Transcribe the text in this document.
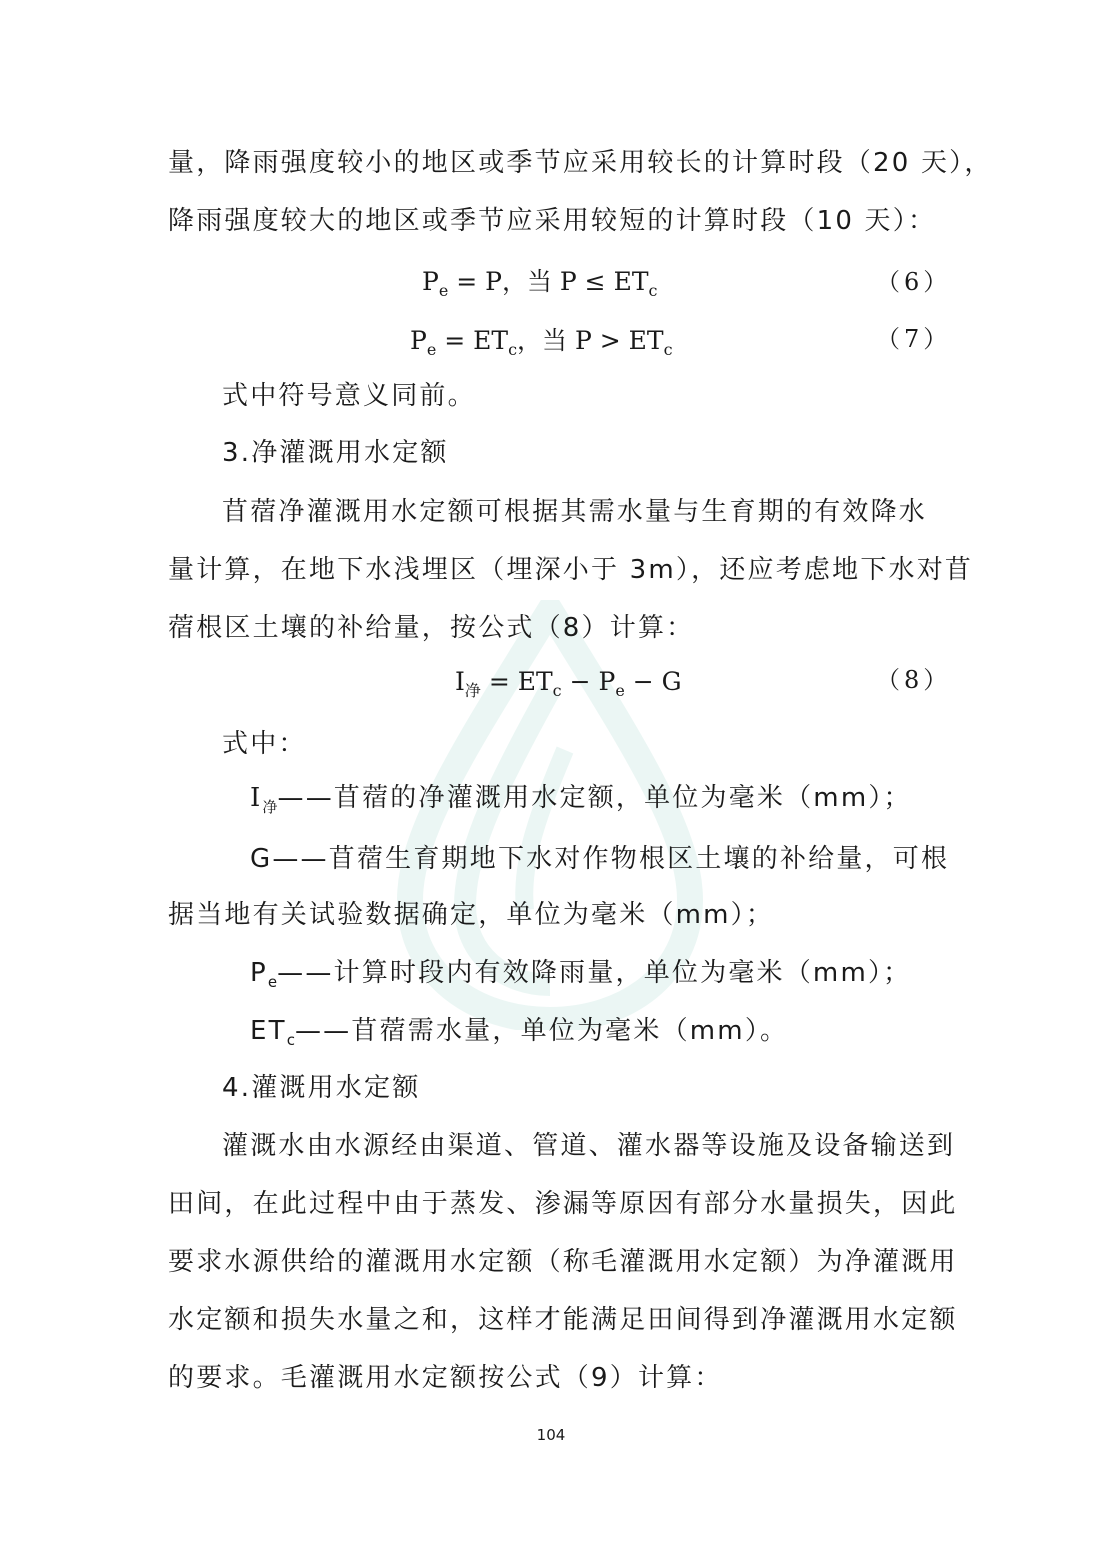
量，降雨强度较小的地区或季节应采用较长的计算时段（20 天），
降雨强度较大的地区或季节应采用较短的计算时段（10 天）：
$P_e = P$，当 $P \le ET_c$	（6）
$P_e = ET_c$，当 $P > ET_c$	（7）
式中符号意义同前。
3.净灌溉用水定额
苜蓿净灌溉用水定额可根据其需水量与生育期的有效降水
量计算，在地下水浅埋区（埋深小于 3m），还应考虑地下水对苜
蓿根区土壤的补给量，按公式（8）计算：
$I_净 = ET_c - P_e - G$	（8）
式中：
$I_净——$苜蓿的净灌溉用水定额，单位为毫米（mm）；
G——苜蓿生育期地下水对作物根区土壤的补给量，可根
据当地有关试验数据确定，单位为毫米（mm）；
$P_e——$计算时段内有效降雨量，单位为毫米（mm）；
$ET_c——$苜蓿需水量，单位为毫米（mm）。
4.灌溉用水定额
灌溉水由水源经由渠道、管道、灌水器等设施及设备输送到
田间，在此过程中由于蒸发、渗漏等原因有部分水量损失，因此
要求水源供给的灌溉用水定额（称毛灌溉用水定额）为净灌溉用
水定额和损失水量之和，这样才能满足田间得到净灌溉用水定额
的要求。毛灌溉用水定额按公式（9）计算：
104
